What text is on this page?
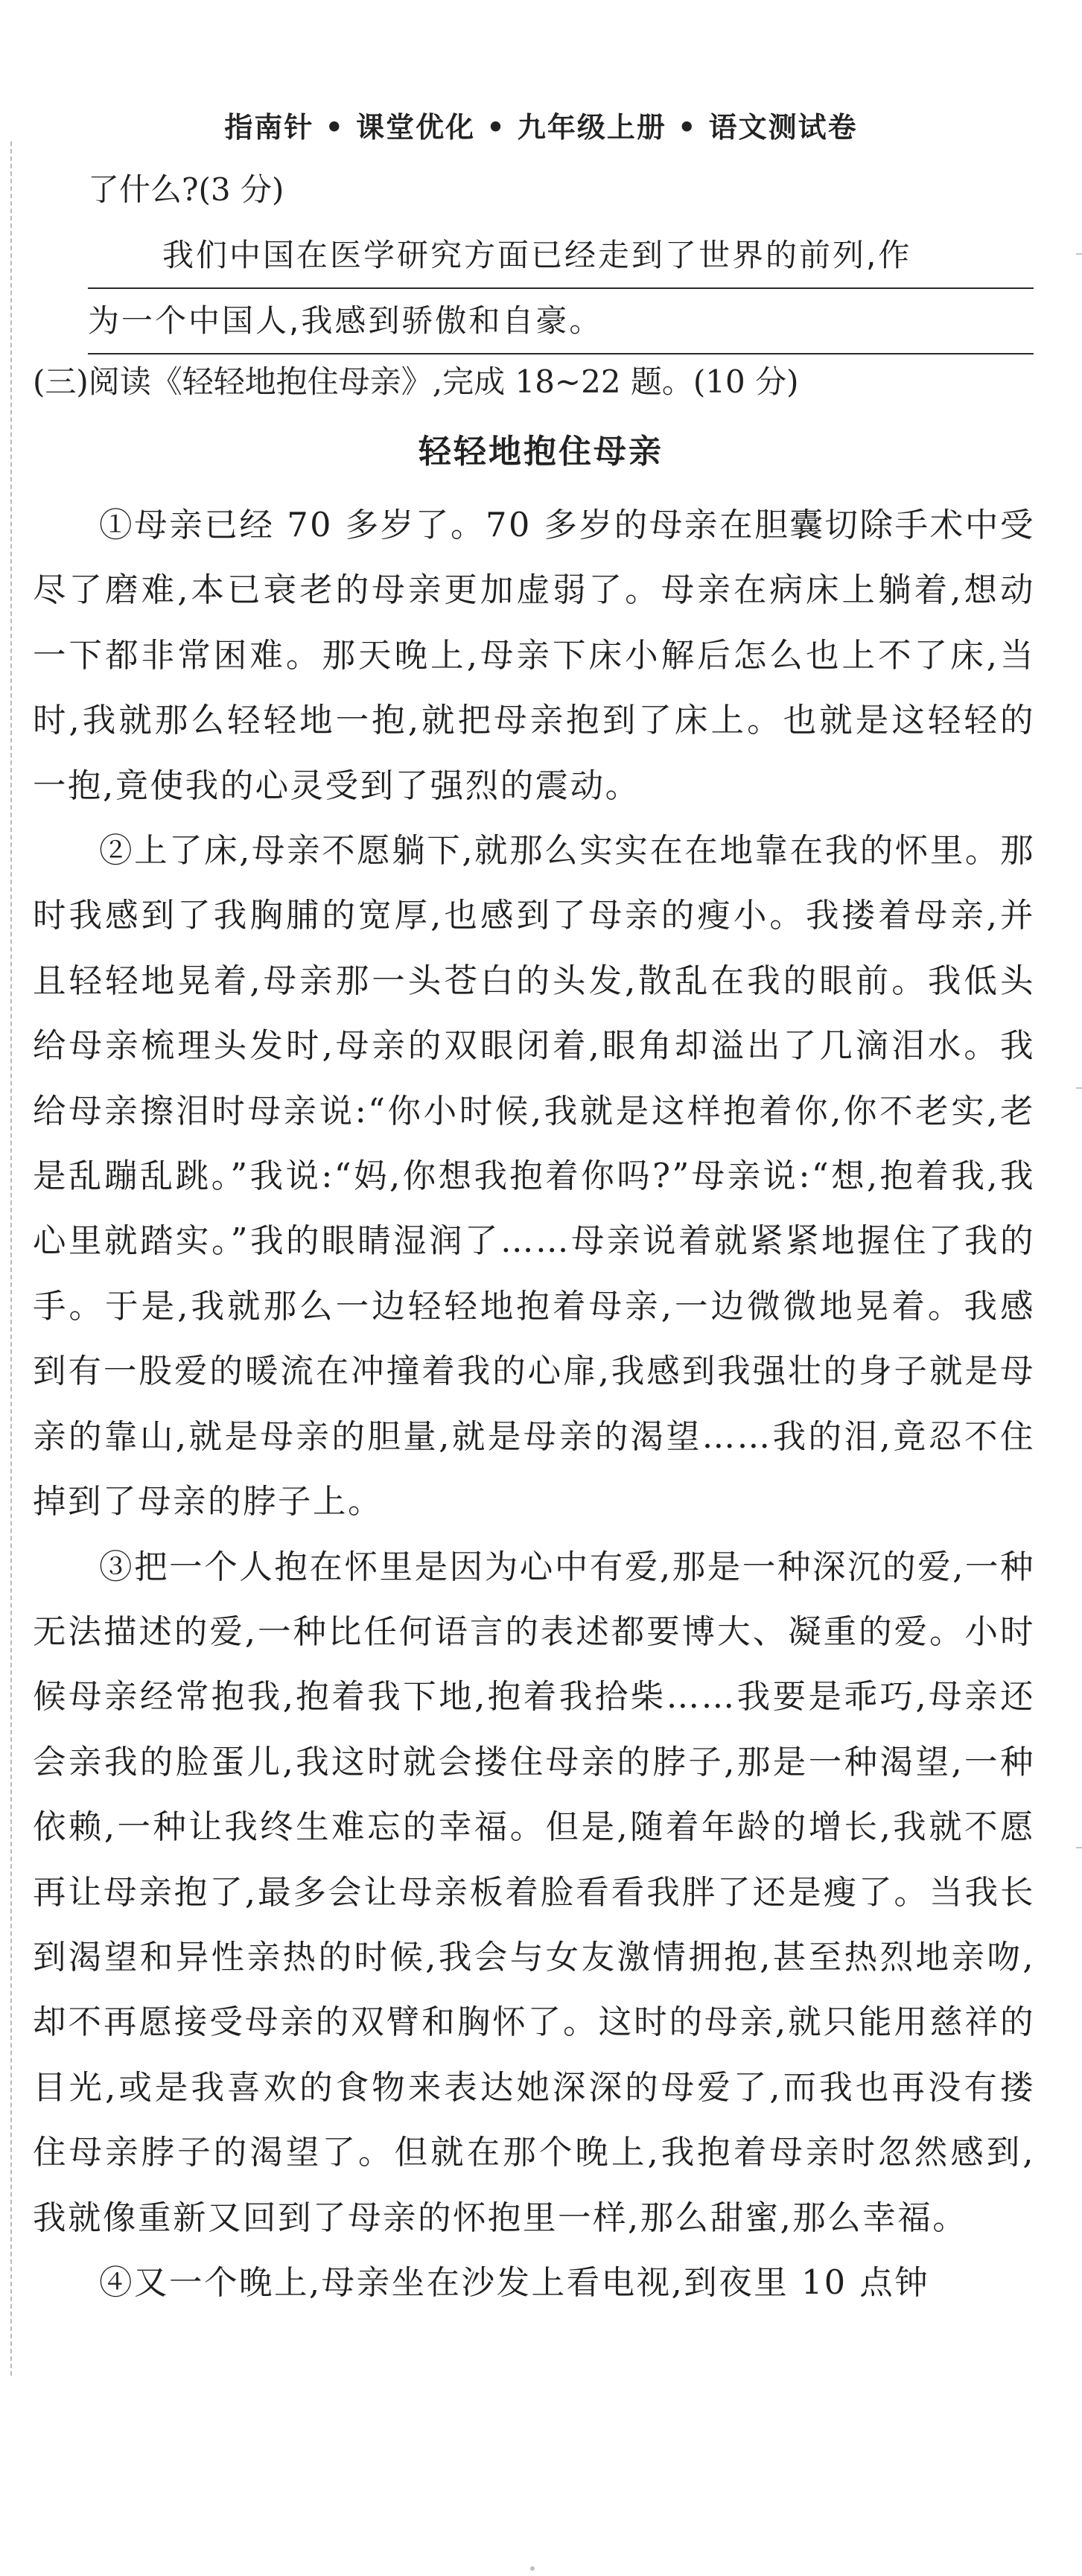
指南针 • 课堂优化 • 九年级上册 • 语文测试卷
了什么?(3 分)
我们中国在医学研究方面已经走到了世界的前列,作
为一个中国人,我感到骄傲和自豪。
(三)阅读《轻轻地抱住母亲》,完成 18~22 题。(10 分)
轻轻地抱住母亲

①母亲已经 70 多岁了。70 多岁的母亲在胆囊切除手术中受尽了磨难,本已衰老的母亲更加虚弱了。母亲在病床上躺着,想动一下都非常困难。那天晚上,母亲下床小解后怎么也上不了床,当时,我就那么轻轻地一抱,就把母亲抱到了床上。也就是这轻轻的一抱,竟使我的心灵受到了强烈的震动。

②上了床,母亲不愿躺下,就那么实实在在地靠在我的怀里。那时我感到了我胸脯的宽厚,也感到了母亲的瘦小。我搂着母亲,并且轻轻地晃着,母亲那一头苍白的头发,散乱在我的眼前。我低头给母亲梳理头发时,母亲的双眼闭着,眼角却溢出了几滴泪水。我给母亲擦泪时母亲说:“你小时候,我就是这样抱着你,你不老实,老是乱蹦乱跳。”我说:“妈,你想我抱着你吗?”母亲说:“想,抱着我,我心里就踏实。”我的眼睛湿润了……母亲说着就紧紧地握住了我的手。于是,我就那么一边轻轻地抱着母亲,一边微微地晃着。我感到有一股爱的暖流在冲撞着我的心扉,我感到我强壮的身子就是母亲的靠山,就是母亲的胆量,就是母亲的渴望……我的泪,竟忍不住掉到了母亲的脖子上。

③把一个人抱在怀里是因为心中有爱,那是一种深沉的爱,一种无法描述的爱,一种比任何语言的表述都要博大、凝重的爱。小时候母亲经常抱我,抱着我下地,抱着我拾柴……我要是乖巧,母亲还会亲我的脸蛋儿,我这时就会搂住母亲的脖子,那是一种渴望,一种依赖,一种让我终生难忘的幸福。但是,随着年龄的增长,我就不愿再让母亲抱了,最多会让母亲板着脸看看我胖了还是瘦了。当我长到渴望和异性亲热的时候,我会与女友激情拥抱,甚至热烈地亲吻,却不再愿接受母亲的双臂和胸怀了。这时的母亲,就只能用慈祥的目光,或是我喜欢的食物来表达她深深的母爱了,而我也再没有搂住母亲脖子的渴望了。但就在那个晚上,我抱着母亲时忽然感到,我就像重新又回到了母亲的怀抱里一样,那么甜蜜,那么幸福。

④又一个晚上,母亲坐在沙发上看电视,到夜里 10 点钟
